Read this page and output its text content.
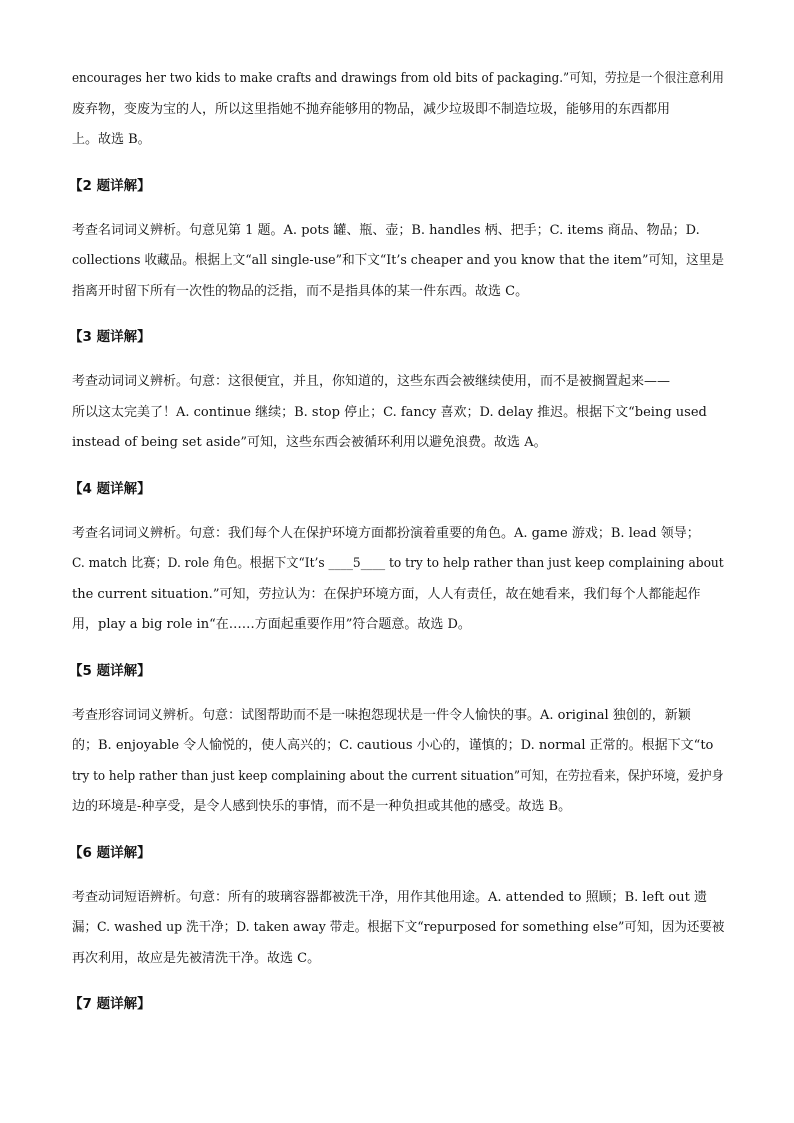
encourages her two kids to make crafts and drawings from old bits of packaging.”可知，劳拉是一个很注意利用
废弃物，变废为宝的人，所以这里指她不抛弃能够用的物品，减少垃圾即不制造垃圾，能够用的东西都用
上。故选 B。
【2 题详解】
考查名词词义辨析。句意见第 1 题。A. pots 罐、瓶、壶；B. handles 柄、把手；C. items 商品、物品；D.
collections 收藏品。根据上文“all single-use”和下文“It’s cheaper and you know that the item”可知，这里是
指离开时留下所有一次性的物品的泛指，而不是指具体的某一件东西。故选 C。
【3 题详解】
考查动词词义辨析。句意：这很便宜，并且，你知道的，这些东西会被继续使用，而不是被搁置起来——
所以这太完美了！A. continue 继续；B. stop 停止；C. fancy 喜欢；D. delay 推迟。根据下文“being used
instead of being set aside”可知，这些东西会被循环利用以避免浪费。故选 A。
【4 题详解】
考查名词词义辨析。句意：我们每个人在保护环境方面都扮演着重要的角色。A. game 游戏；B. lead 领导；
C. match 比赛；D. role 角色。根据下文“It’s ____5____ to try to help rather than just keep complaining about
the current situation.”可知，劳拉认为：在保护环境方面，人人有责任，故在她看来，我们每个人都能起作
用，play a big role in“在……方面起重要作用”符合题意。故选 D。
【5 题详解】
考查形容词词义辨析。句意：试图帮助而不是一味抱怨现状是一件令人愉快的事。A. original 独创的，新颖
的；B. enjoyable 令人愉悦的，使人高兴的；C. cautious 小心的，谨慎的；D. normal 正常的。根据下文“to
try to help rather than just keep complaining about the current situation”可知，在劳拉看来，保护环境，爱护身
边的环境是-种享受，是令人感到快乐的事情，而不是一种负担或其他的感受。故选 B。
【6 题详解】
考查动词短语辨析。句意：所有的玻璃容器都被洗干净，用作其他用途。A. attended to 照顾；B. left out 遗
漏；C. washed up 洗干净；D. taken away 带走。根据下文“repurposed for something else”可知，因为还要被
再次利用，故应是先被清洗干净。故选 C。
【7 题详解】
